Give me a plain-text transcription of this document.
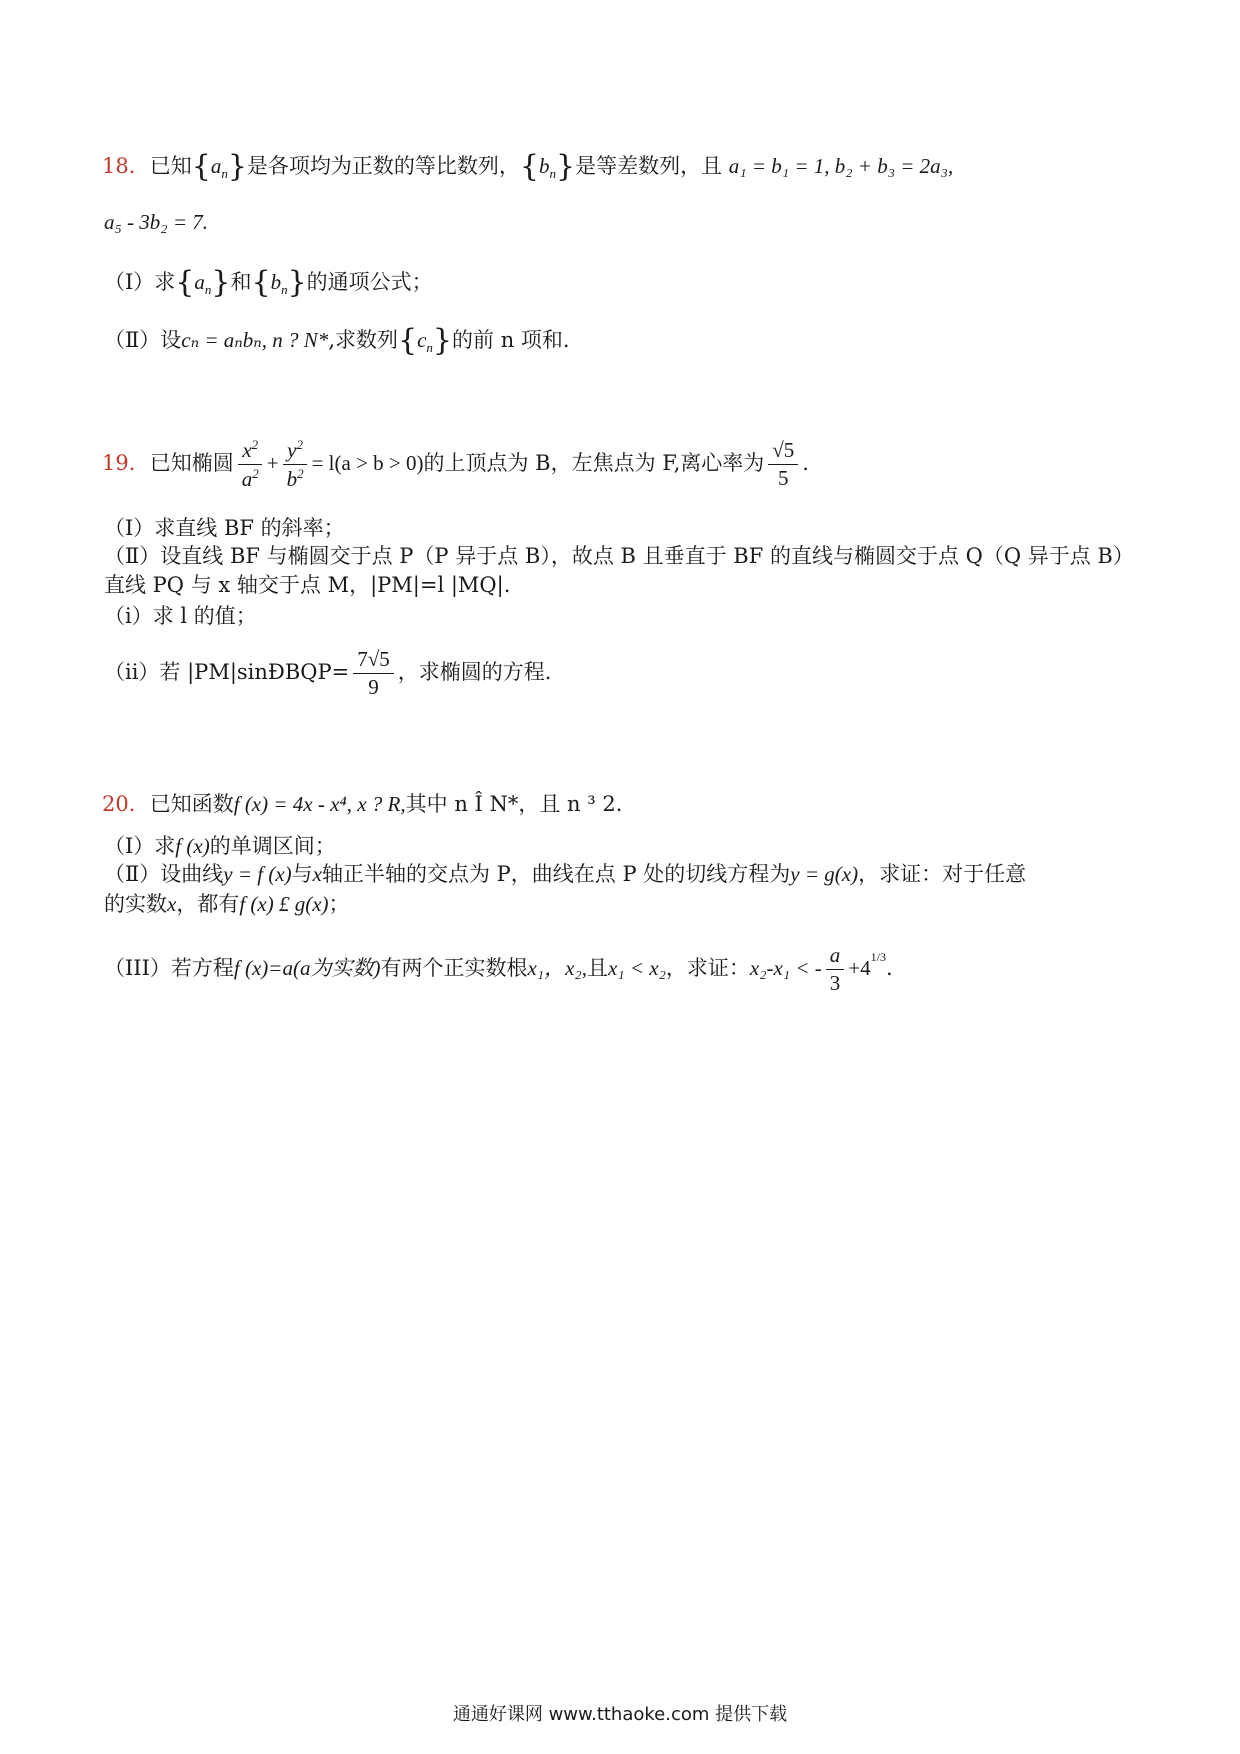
18．已知$\{a_n\}$是各项均为正数的等比数列，$\{b_n\}$是等差数列，且 a₁ = b₁ = 1, b₂ + b₃ = 2a₃,
a₅ - 3b₂ = 7.
（Ⅰ）求$\{a_n\}$和$\{b_n\}$的通项公式；
（Ⅱ）设cₙ = aₙbₙ, n ? N*,求数列$\{c_n\}$的前 n 项和.
19．已知椭圆 $\frac{x^2}{a^2} + \frac{y^2}{b^2} = l(a > b > 0)$的上顶点为 B，左焦点为 F,离心率为 $\frac{√5}{5}$ .
（Ⅰ）求直线 BF 的斜率；
（Ⅱ）设直线 BF 与椭圆交于点 P（P 异于点 B），故点 B 且垂直于 BF 的直线与椭圆交于点 Q（Q 异于点 B）
直线 PQ 与 x 轴交于点 M，|PM|=l |MQ|.
（i）求 l 的值；
（ii）若 |PM|sinÐBQP= $\frac{7√5}{9}$ ，求椭圆的方程.
20．已知函数f (x) = 4x - x⁴, x ? R,其中 n Î N*，且 n ³ 2.
（Ⅰ）求f (x)的单调区间；
（Ⅱ）设曲线y = f (x)与x轴正半轴的交点为 P，曲线在点 P 处的切线方程为y = g(x)，求证：对于任意
的实数x，都有f (x) £ g(x)；
（III）若方程f (x)=a(a为实数)有两个正实数根x₁，x₂,且x₁ < x₂，求证：x₂-x₁ < - $\frac{a}{3} +4^{1/3}$.
通通好课网 www.tthaoke.com 提供下载
